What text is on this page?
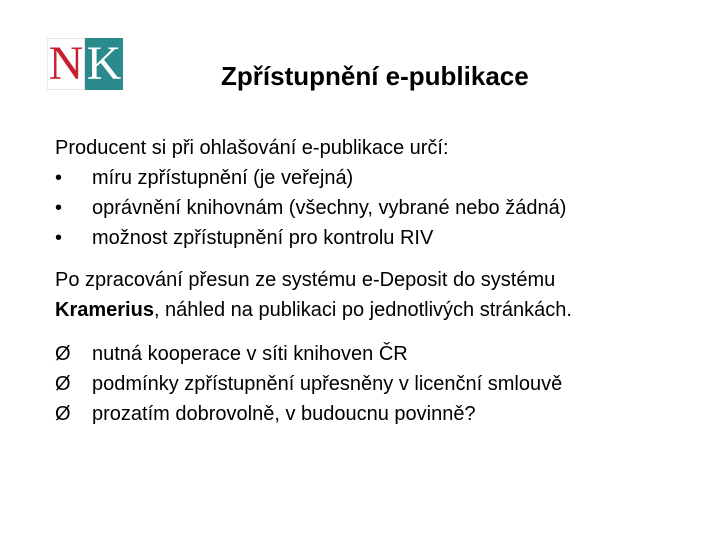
N K	Zpřístupnění e-publikace

Producent si při ohlašování e-publikace určí:

•	míru zpřístupnění (je veřejná)
•	oprávnění knihovnám (všechny, vybrané nebo žádná)
•	možnost zpřístupnění pro kontrolu RIV

Po zpracování přesun ze systému e-Deposit do systému

Kramerius, náhled na publikaci po jednotlivých stránkách.

Ø	nutná kooperace v síti knihoven ČR
Ø	podmínky zpřístupnění upřesněny v licenční smlouvě
Ø	prozatím dobrovolně, v budoucnu povinně?
